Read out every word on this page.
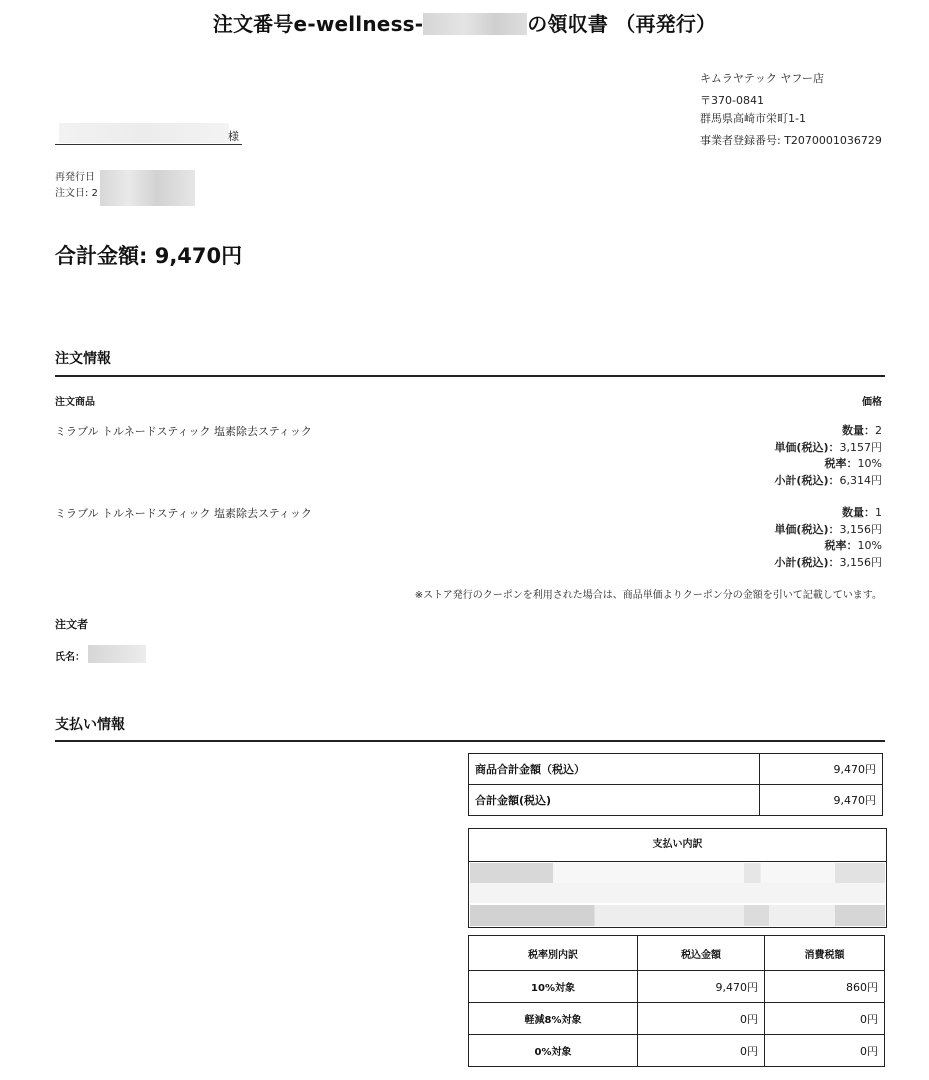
注文番号e-wellness-	の領収書 （再発行）
キムラヤテック ヤフー店
〒370-0841
群馬県高崎市栄町1-1
事業者登録番号: T2070001036729
様
再発行日
注文日: 2
合計金額: 9,470円
注文情報
注文商品	価格
ミラブル トルネードスティック 塩素除去スティック	数量：2
単価(税込)：3,157円
税率：10%
小計(税込)：6,314円
ミラブル トルネードスティック 塩素除去スティック	数量：1
単価(税込)：3,156円
税率：10%
小計(税込)：3,156円
※ストア発行のクーポンを利用された場合は、商品単価よりクーポン分の金額を引いて記載しています。
注文者
氏名：
支払い情報
商品合計金額（税込）	9,470円
合計金額(税込)	9,470円
支払い内訳
税率別内訳	税込金額	消費税額
10%対象	9,470円	860円
軽減8%対象	0円	0円
0%対象	0円	0円
